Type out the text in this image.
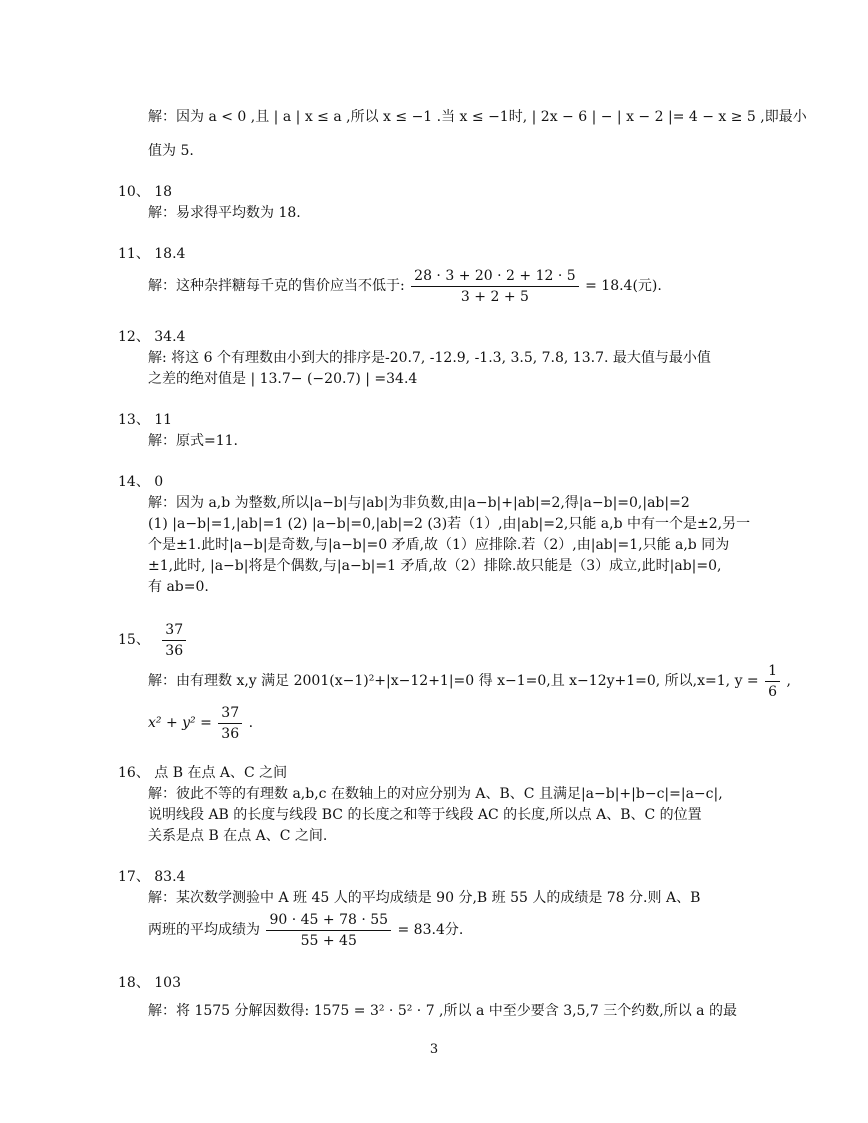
解：因为 a < 0 ,且 | a | x ≤ a ,所以 x ≤ −1 .当 x ≤ −1时, | 2x − 6 | − | x − 2 |= 4 − x ≥ 5 ,即最小
值为 5.
10、 18
解：易求得平均数为 18.
11、 18.4
解：这种杂拌糖每千克的售价应当不低于: $\frac{28 \cdot 3 + 20 \cdot 2 + 12 \cdot 5}{3 + 2 + 5} = 18.4$(元).
12、 34.4
解: 将这 6 个有理数由小到大的排序是-20.7, -12.9, -1.3, 3.5, 7.8, 13.7. 最大值与最小值
之差的绝对值是 | 13.7− (−20.7) | =34.4
13、 11
解：原式=11.
14、 0
解：因为 a,b 为整数,所以|a−b|与|ab|为非负数,由|a−b|+|ab|=2,得|a−b|=0,|ab|=2
(1) |a−b|=1,|ab|=1 (2) |a−b|=0,|ab|=2 (3)若（1）,由|ab|=2,只能 a,b 中有一个是±2,另一
个是±1.此时|a−b|是奇数,与|a−b|=0 矛盾,故（1）应排除.若（2）,由|ab|=1,只能 a,b 同为
±1,此时, |a−b|将是个偶数,与|a−b|=1 矛盾,故（2）排除.故只能是（3）成立,此时|ab|=0,
有 ab=0.
15、 $\frac{37}{36}$
解：由有理数 x,y 满足 2001(x−1)²+|x−12+1|=0 得 x−1=0,且 x−12y+1=0, 所以,x=1, $y = \frac{1}{6}$ ,
$x^2 + y^2 = \frac{37}{36}$ .
16、 点 B 在点 A、C 之间
解：彼此不等的有理数 a,b,c 在数轴上的对应分别为 A、B、C 且满足|a−b|+|b−c|=|a−c|,
说明线段 AB 的长度与线段 BC 的长度之和等于线段 AC 的长度,所以点 A、B、C 的位置
关系是点 B 在点 A、C 之间.
17、 83.4
解：某次数学测验中 A 班 45 人的平均成绩是 90 分,B 班 55 人的成绩是 78 分.则 A、B
两班的平均成绩为 $\frac{90 \cdot 45 + 78 \cdot 55}{55 + 45} = 83.4$分.
18、 103
解：将 1575 分解因数得: 1575 = 3² · 5² · 7 ,所以 a 中至少要含 3,5,7 三个约数,所以 a 的最
3
